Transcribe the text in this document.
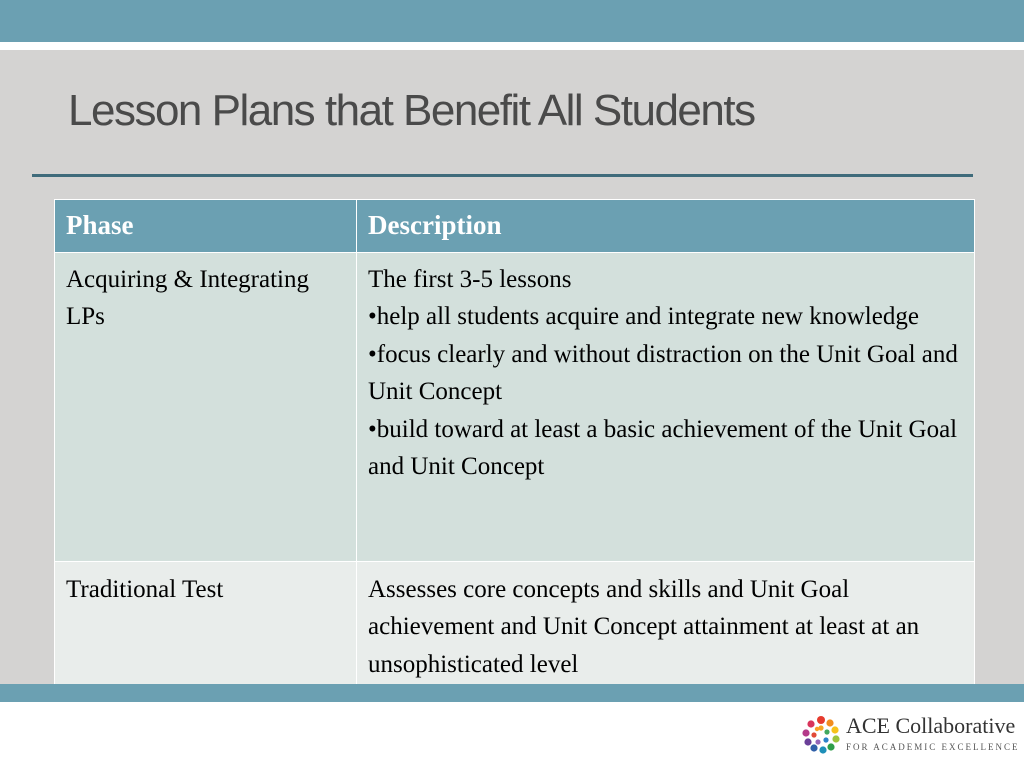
Lesson Plans that Benefit All Students
Phase	Description
Acquiring & Integrating LPs	The first 3-5 lessons
•help all students acquire and integrate new knowledge
•focus clearly and without distraction on the Unit Goal and Unit Concept
•build toward at least a basic achievement of the Unit Goal and Unit Concept

Traditional Test	Assesses core concepts and skills and Unit Goal achievement and Unit Concept attainment at least at an unsophisticated level
ACE Collaborative
FOR ACADEMIC EXCELLENCE
